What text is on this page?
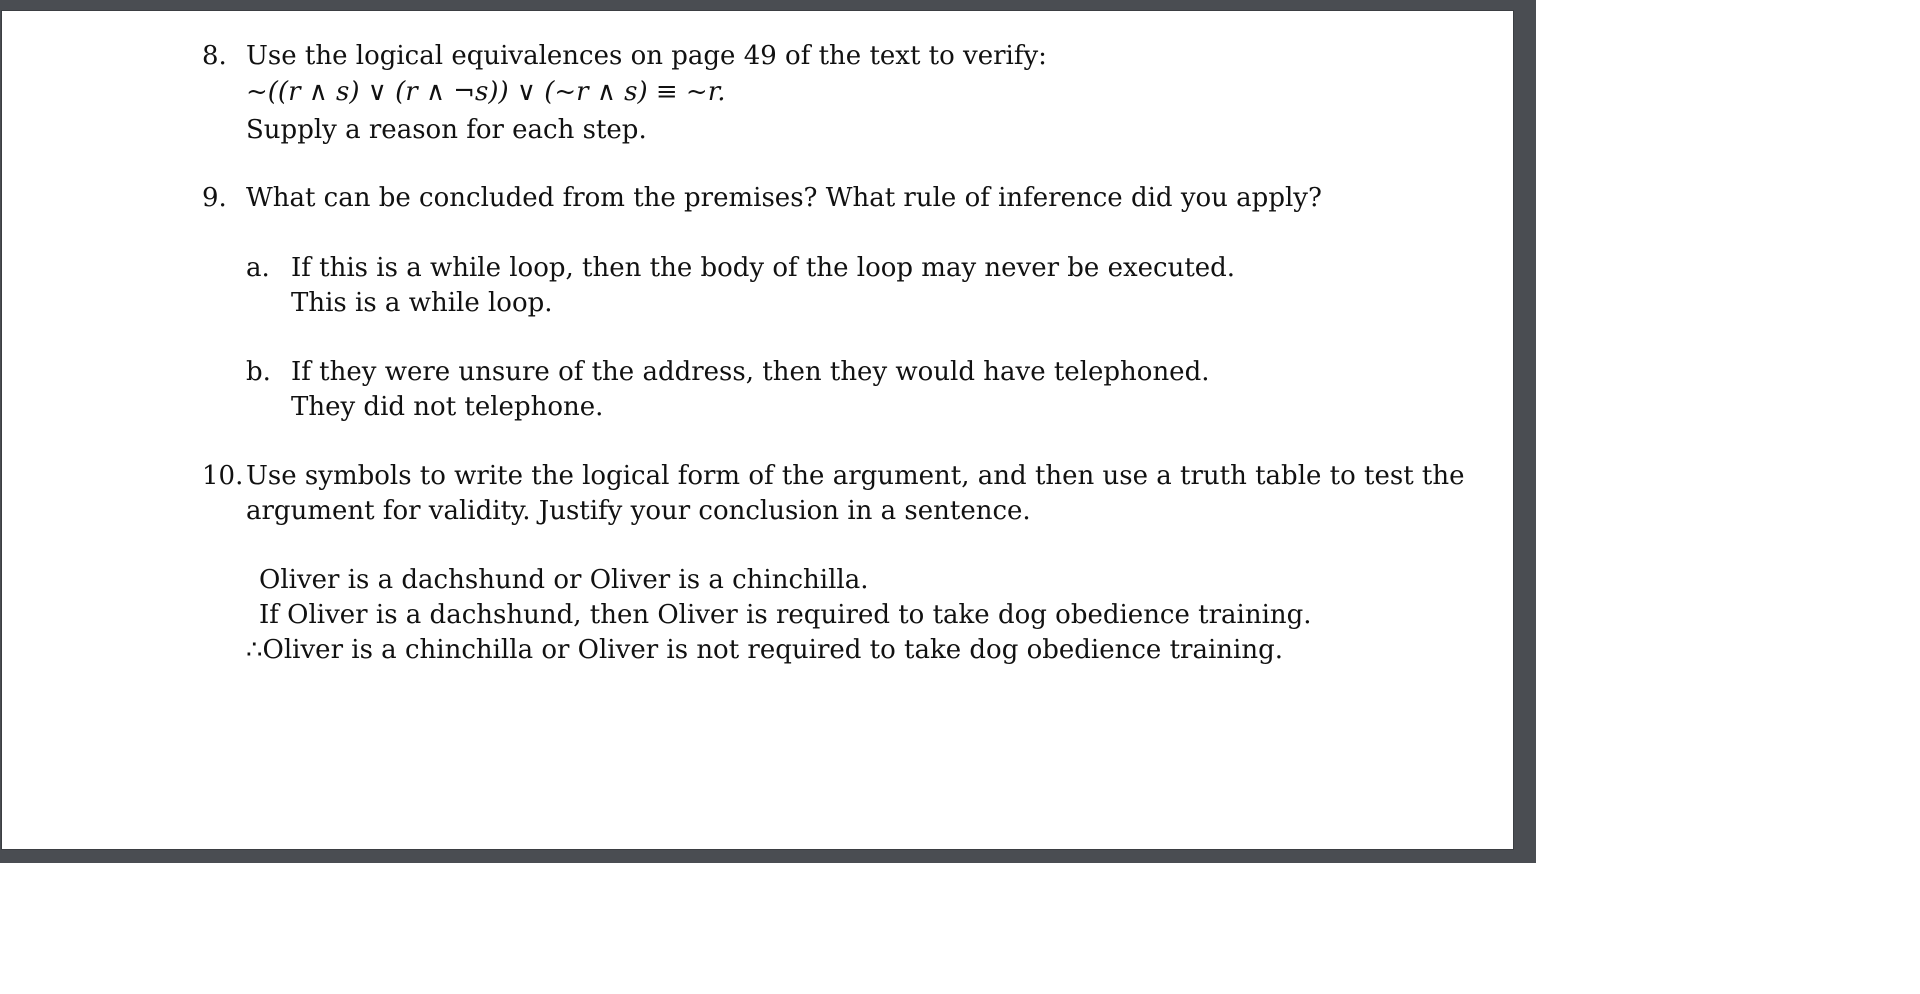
8. Use the logical equivalences on page 49 of the text to verify:
~((r ∧ s) ∨ (r ∧ ¬s)) ∨ (~r ∧ s) ≡ ~r.
Supply a reason for each step.
9. What can be concluded from the premises? What rule of inference did you apply?
a. If this is a while loop, then the body of the loop may never be executed.
This is a while loop.
b. If they were unsure of the address, then they would have telephoned.
They did not telephone.
10. Use symbols to write the logical form of the argument, and then use a truth table to test the
argument for validity. Justify your conclusion in a sentence.
Oliver is a dachshund or Oliver is a chinchilla.
If Oliver is a dachshund, then Oliver is required to take dog obedience training.
∴Oliver is a chinchilla or Oliver is not required to take dog obedience training.
